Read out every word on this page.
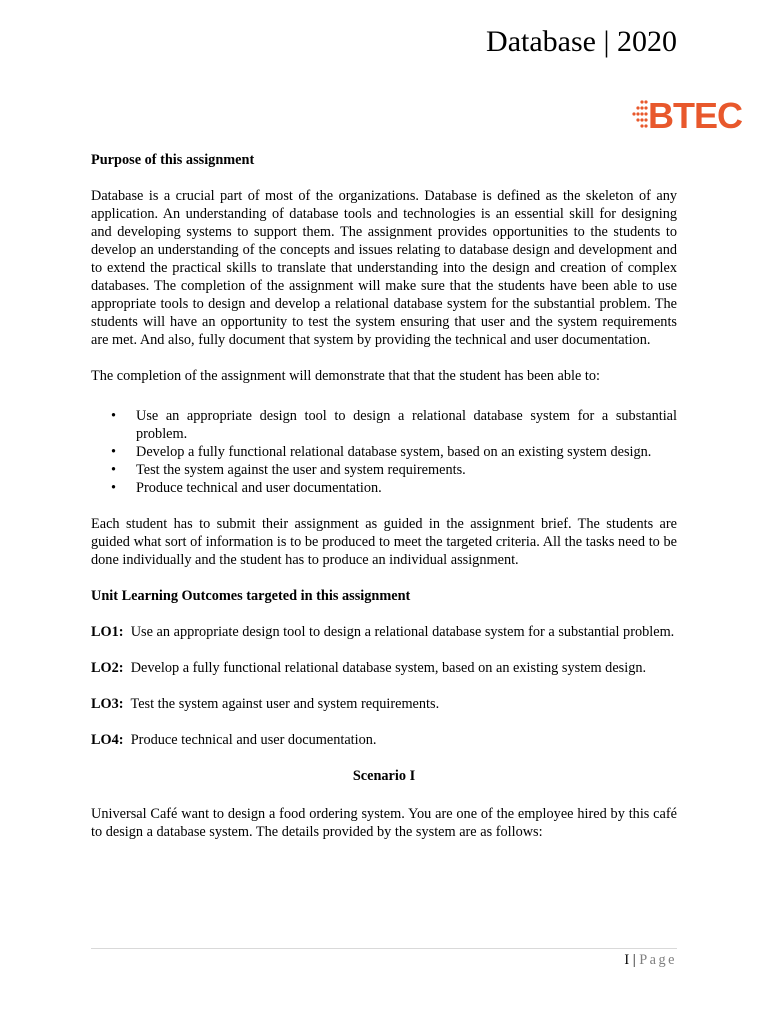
Database | 2020
BTEC

Purpose of this assignment

Database is a crucial part of most of the organizations. Database is defined as the skeleton of any application. An understanding of database tools and technologies is an essential skill for designing and developing systems to support them. The assignment provides opportunities to the students to develop an understanding of the concepts and issues relating to database design and development and to extend the practical skills to translate that understanding into the design and creation of complex databases. The completion of the assignment will make sure that the students have been able to use appropriate tools to design and develop a relational database system for the substantial problem. The students will have an opportunity to test the system ensuring that user and the system requirements are met. And also, fully document that system by providing the technical and user documentation.

The completion of the assignment will demonstrate that that the student has been able to:

• Use an appropriate design tool to design a relational database system for a substantial problem.
• Develop a fully functional relational database system, based on an existing system design.
• Test the system against the user and system requirements.
• Produce technical and user documentation.

Each student has to submit their assignment as guided in the assignment brief. The students are guided what sort of information is to be produced to meet the targeted criteria. All the tasks need to be done individually and the student has to produce an individual assignment.

Unit Learning Outcomes targeted in this assignment

LO1: Use an appropriate design tool to design a relational database system for a substantial problem.

LO2: Develop a fully functional relational database system, based on an existing system design.

LO3: Test the system against user and system requirements.

LO4: Produce technical and user documentation.

Scenario I

Universal Café want to design a food ordering system. You are one of the employee hired by this café to design a database system. The details provided by the system are as follows:

I | Page
